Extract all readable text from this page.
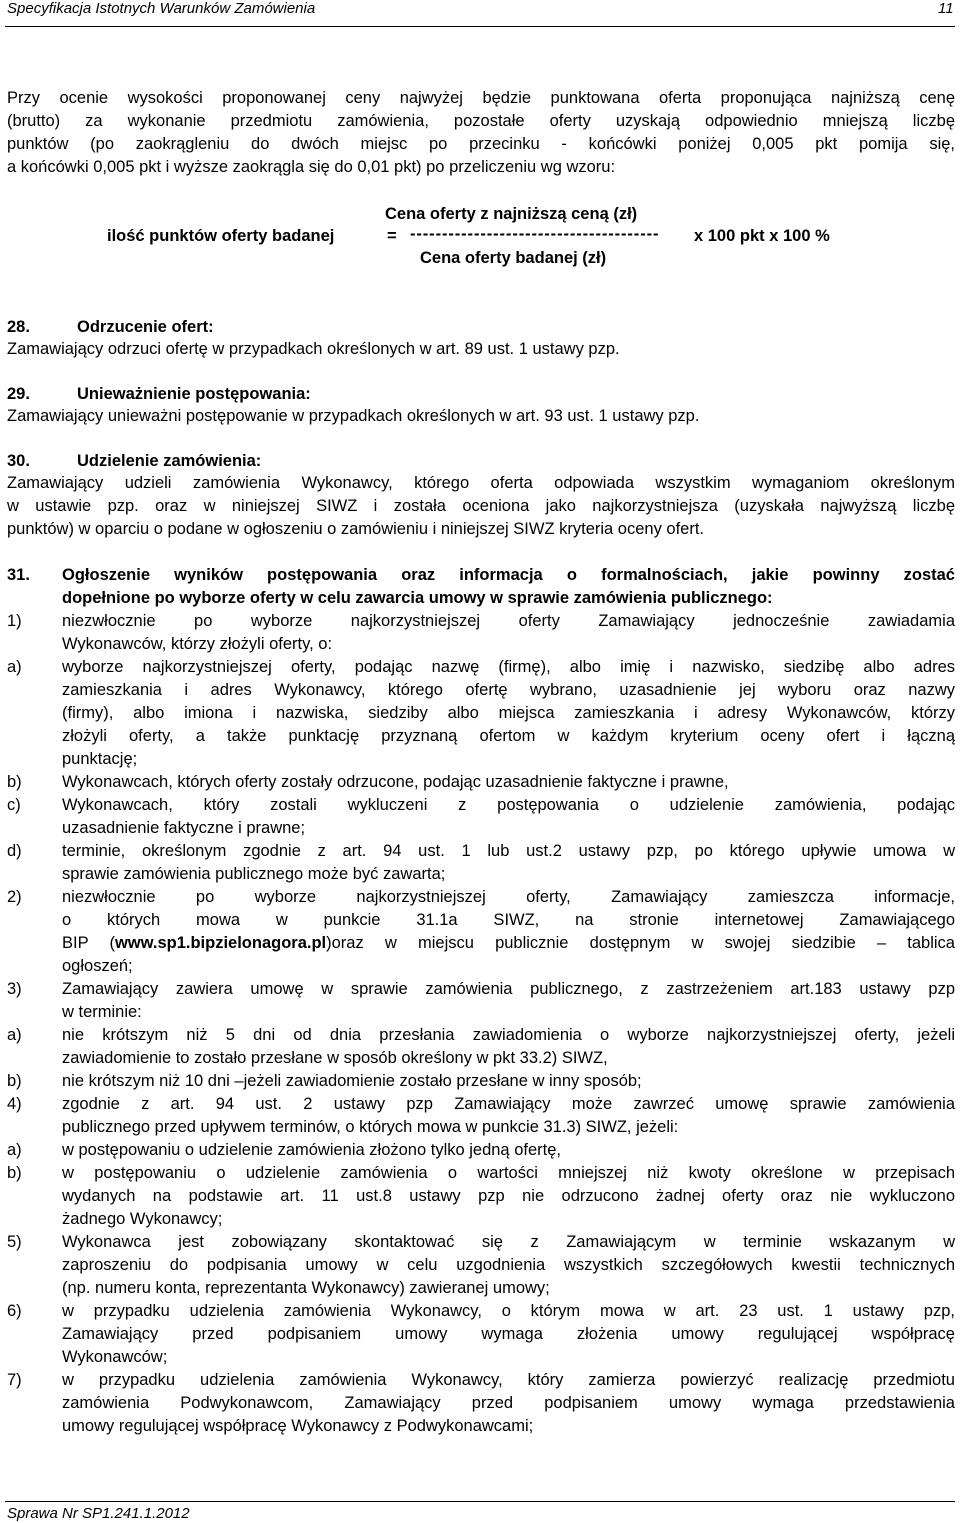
Specyfikacja Istotnych Warunków Zamówienia	11
Przy ocenie wysokości proponowanej ceny najwyżej będzie punktowana oferta proponująca najniższą cenę
(brutto) za wykonanie przedmiotu zamówienia, pozostałe oferty uzyskają odpowiednio mniejszą liczbę
punktów (po zaokrągleniu do dwóch miejsc po przecinku - końcówki poniżej 0,005 pkt pomija się,
a końcówki 0,005 pkt i wyższe zaokrągla się do 0,01 pkt) po przeliczeniu wg wzoru:
Cena oferty z najniższą ceną (zł)
ilość punktów oferty badanej	= --------------------------------------- x 100 pkt x 100 %
Cena oferty badanej (zł)
28.	Odrzucenie ofert:
Zamawiający odrzuci ofertę w przypadkach określonych w art. 89 ust. 1 ustawy pzp.
29.	Unieważnienie postępowania:
Zamawiający unieważni postępowanie w przypadkach określonych w art. 93 ust. 1 ustawy pzp.
30.	Udzielenie zamówienia:
Zamawiający udzieli zamówienia Wykonawcy, którego oferta odpowiada wszystkim wymaganiom określonym
w ustawie pzp. oraz w niniejszej SIWZ i została oceniona jako najkorzystniejsza (uzyskała najwyższą liczbę
punktów) w oparciu o podane w ogłoszeniu o zamówieniu i niniejszej SIWZ kryteria oceny ofert.
31. Ogłoszenie wyników postępowania oraz informacja o formalnościach, jakie powinny zostać
dopełnione po wyborze oferty w celu zawarcia umowy w sprawie zamówienia publicznego:
1) niezwłocznie po wyborze najkorzystniejszej oferty Zamawiający jednocześnie zawiadamia
Wykonawców, którzy złożyli oferty, o:
a) wyborze najkorzystniejszej oferty, podając nazwę (firmę), albo imię i nazwisko, siedzibę albo adres
zamieszkania i adres Wykonawcy, którego ofertę wybrano, uzasadnienie jej wyboru oraz nazwy
(firmy), albo imiona i nazwiska, siedziby albo miejsca zamieszkania i adresy Wykonawców, którzy
złożyli oferty, a także punktację przyznaną ofertom w każdym kryterium oceny ofert i łączną
punktację;
b) Wykonawcach, których oferty zostały odrzucone, podając uzasadnienie faktyczne i prawne,
c)	Wykonawcach, który zostali wykluczeni z postępowania o udzielenie zamówienia, podając
uzasadnienie faktyczne i prawne;
d) terminie, określonym zgodnie z art. 94 ust. 1 lub ust.2 ustawy pzp, po którego upływie umowa w
sprawie zamówienia publicznego może być zawarta;
2) niezwłocznie po wyborze najkorzystniejszej oferty, Zamawiający zamieszcza informacje,
o których mowa w punkcie 31.1a SIWZ, na stronie internetowej Zamawiającego
BIP (www.sp1.bipzielonagora.pl)oraz w miejscu publicznie dostępnym w swojej siedzibie – tablica
ogłoszeń;
3) Zamawiający zawiera umowę w sprawie zamówienia publicznego, z zastrzeżeniem art.183 ustawy pzp
w terminie:
a) nie krótszym niż 5 dni od dnia przesłania zawiadomienia o wyborze najkorzystniejszej oferty, jeżeli
zawiadomienie to zostało przesłane w sposób określony w pkt 33.2) SIWZ,
b) nie krótszym niż 10 dni –jeżeli zawiadomienie zostało przesłane w inny sposób;
4) zgodnie z art. 94 ust. 2 ustawy pzp Zamawiający może zawrzeć umowę sprawie zamówienia
publicznego przed upływem terminów, o których mowa w punkcie 31.3) SIWZ, jeżeli:
a) w postępowaniu o udzielenie zamówienia złożono tylko jedną ofertę,
b) w postępowaniu o udzielenie zamówienia o wartości mniejszej niż kwoty określone w przepisach
wydanych na podstawie art. 11 ust.8 ustawy pzp nie odrzucono żadnej oferty oraz nie wykluczono
żadnego Wykonawcy;
5) Wykonawca jest zobowiązany skontaktować się z Zamawiającym w terminie wskazanym w
zaproszeniu do podpisania umowy w celu uzgodnienia wszystkich szczegółowych kwestii technicznych
(np. numeru konta, reprezentanta Wykonawcy) zawieranej umowy;
6) w przypadku udzielenia zamówienia Wykonawcy, o którym mowa w art. 23 ust. 1 ustawy pzp,
Zamawiający przed podpisaniem umowy wymaga złożenia umowy regulującej współpracę
Wykonawców;
7) w przypadku udzielenia zamówienia Wykonawcy, który zamierza powierzyć realizację przedmiotu
zamówienia Podwykonawcom, Zamawiający przed podpisaniem umowy wymaga przedstawienia
umowy regulującej współpracę Wykonawcy z Podwykonawcami;
Sprawa Nr SP1.241.1.2012
